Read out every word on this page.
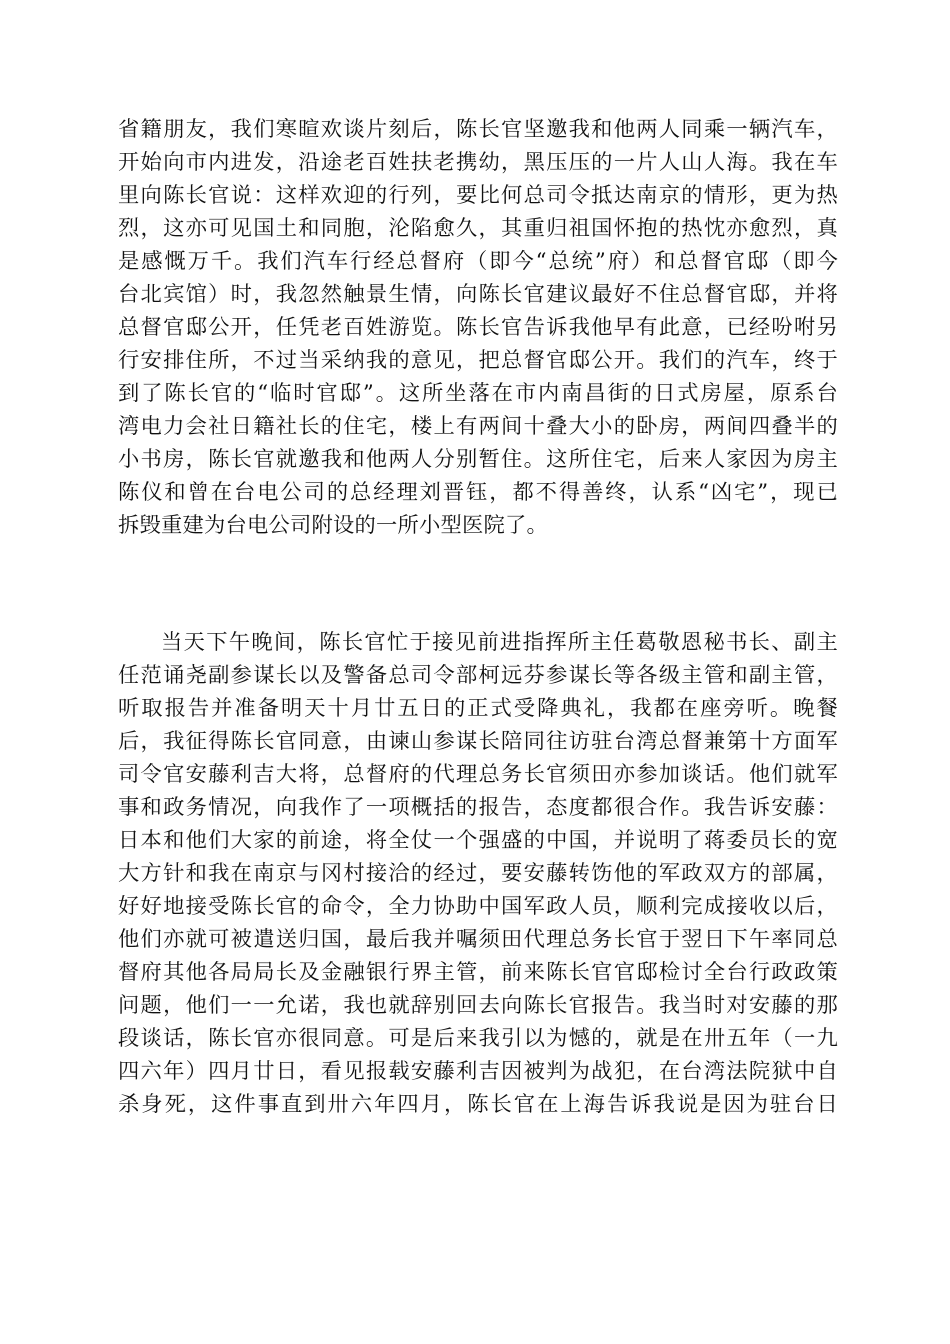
省籍朋友，我们寒暄欢谈片刻后，陈长官坚邀我和他两人同乘一辆汽车，
开始向市内进发，沿途老百姓扶老携幼，黑压压的一片人山人海。我在车
里向陈长官说：这样欢迎的行列，要比何总司令抵达南京的情形，更为热
烈，这亦可见国土和同胞，沦陷愈久，其重归祖国怀抱的热忱亦愈烈，真
是感慨万千。我们汽车行经总督府（即今“总统”府）和总督官邸（即今
台北宾馆）时，我忽然触景生情，向陈长官建议最好不住总督官邸，并将
总督官邸公开，任凭老百姓游览。陈长官告诉我他早有此意，已经吩咐另
行安排住所，不过当采纳我的意见，把总督官邸公开。我们的汽车，终于
到了陈长官的“临时官邸”。这所坐落在市内南昌街的日式房屋，原系台
湾电力会社日籍社长的住宅，楼上有两间十叠大小的卧房，两间四叠半的
小书房，陈长官就邀我和他两人分别暂住。这所住宅，后来人家因为房主
陈仪和曾在台电公司的总经理刘晋钰，都不得善终，认系“凶宅”，现已
拆毁重建为台电公司附设的一所小型医院了。
当天下午晚间，陈长官忙于接见前进指挥所主任葛敬恩秘书长、副主
任范诵尧副参谋长以及警备总司令部柯远芬参谋长等各级主管和副主管，
听取报告并准备明天十月廿五日的正式受降典礼，我都在座旁听。晚餐
后，我征得陈长官同意，由谏山参谋长陪同往访驻台湾总督兼第十方面军
司令官安藤利吉大将，总督府的代理总务长官须田亦参加谈话。他们就军
事和政务情况，向我作了一项概括的报告，态度都很合作。我告诉安藤：
日本和他们大家的前途，将全仗一个强盛的中国，并说明了蒋委员长的宽
大方针和我在南京与冈村接洽的经过，要安藤转饬他的军政双方的部属，
好好地接受陈长官的命令，全力协助中国军政人员，顺利完成接收以后，
他们亦就可被遣送归国，最后我并嘱须田代理总务长官于翌日下午率同总
督府其他各局局长及金融银行界主管，前来陈长官官邸检讨全台行政政策
问题，他们一一允诺，我也就辞别回去向陈长官报告。我当时对安藤的那
段谈话，陈长官亦很同意。可是后来我引以为憾的，就是在卅五年（一九
四六年）四月廿日，看见报载安藤利吉因被判为战犯，在台湾法院狱中自
杀身死，这件事直到卅六年四月，陈长官在上海告诉我说是因为驻台日
